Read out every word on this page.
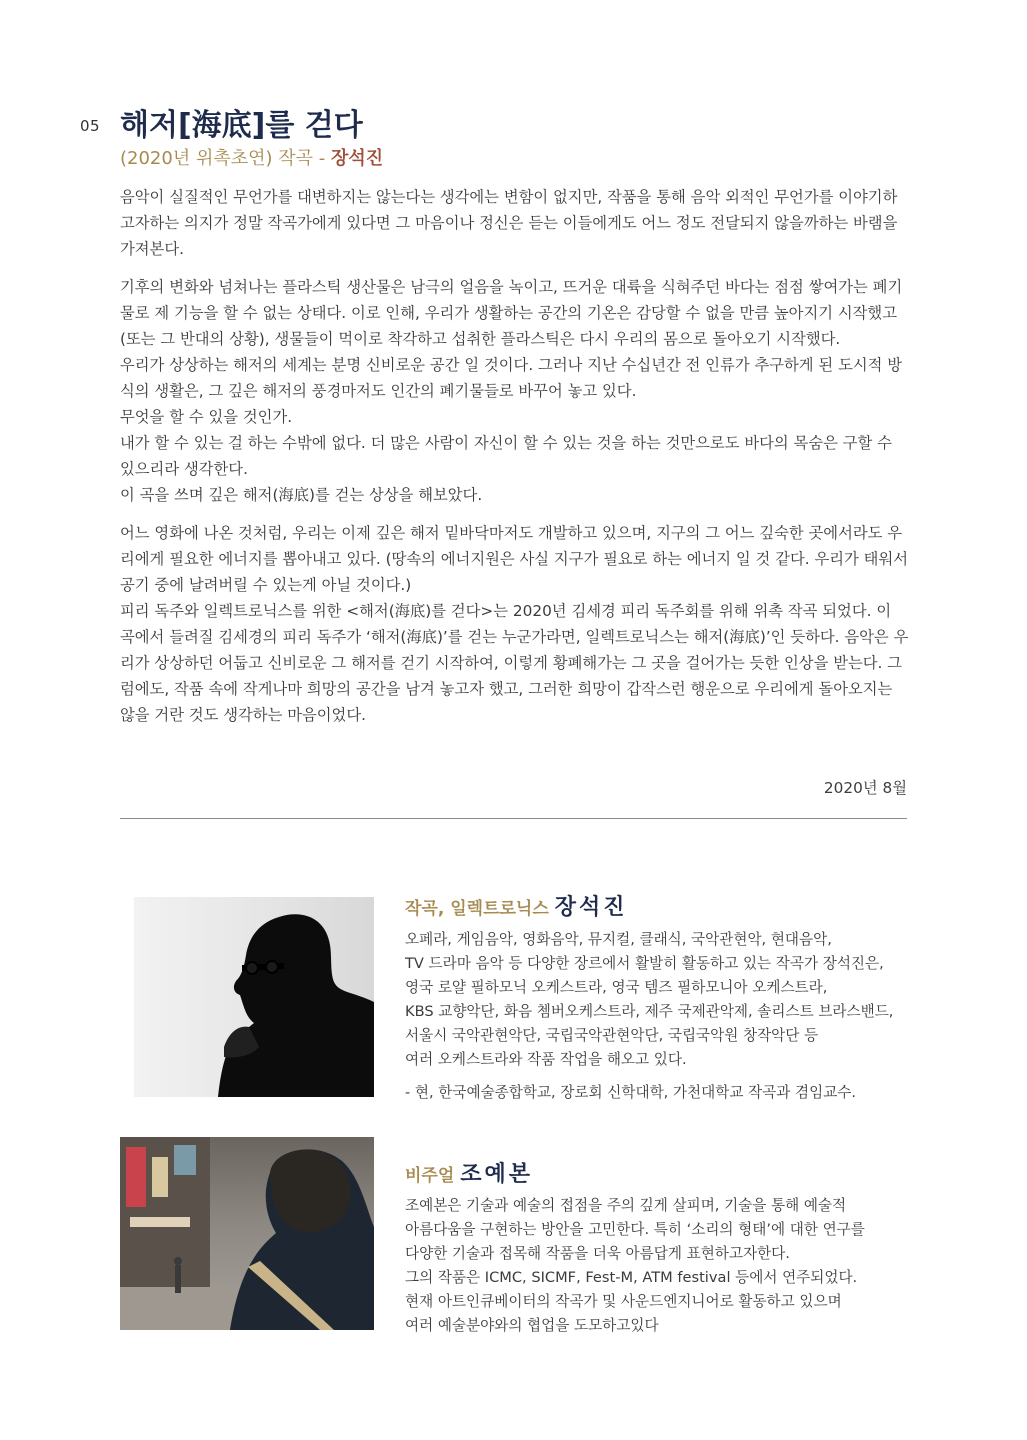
05 해저[海底]를 걷다
(2020년 위촉초연) 작곡 - 장석진

음악이 실질적인 무언가를 대변하지는 않는다는 생각에는 변함이 없지만, 작품을 통해 음악 외적인 무언가를 이야기하고자하는 의지가 정말 작곡가에게 있다면 그 마음이나 정신은 듣는 이들에게도 어느 정도 전달되지 않을까하는 바램을 가져본다.

기후의 변화와 넘쳐나는 플라스틱 생산물은 남극의 얼음을 녹이고, 뜨거운 대륙을 식혀주던 바다는 점점 쌓여가는 폐기물로 제 기능을 할 수 없는 상태다. 이로 인해, 우리가 생활하는 공간의 기온은 감당할 수 없을 만큼 높아지기 시작했고 (또는 그 반대의 상황), 생물들이 먹이로 착각하고 섭취한 플라스틱은 다시 우리의 몸으로 돌아오기 시작했다.
우리가 상상하는 해저의 세계는 분명 신비로운 공간 일 것이다. 그러나 지난 수십년간 전 인류가 추구하게 된 도시적 방식의 생활은, 그 깊은 해저의 풍경마저도 인간의 폐기물들로 바꾸어 놓고 있다.
무엇을 할 수 있을 것인가.
내가 할 수 있는 걸 하는 수밖에 없다. 더 많은 사람이 자신이 할 수 있는 것을 하는 것만으로도 바다의 목숨은 구할 수 있으리라 생각한다.
이 곡을 쓰며 깊은 해저(海底)를 걷는 상상을 해보았다.

어느 영화에 나온 것처럼, 우리는 이제 깊은 해저 밑바닥마저도 개발하고 있으며, 지구의 그 어느 깊숙한 곳에서라도 우리에게 필요한 에너지를 뽑아내고 있다. (땅속의 에너지원은 사실 지구가 필요로 하는 에너지 일 것 같다. 우리가 태워서 공기 중에 날려버릴 수 있는게 아닐 것이다.)
피리 독주와 일렉트로닉스를 위한 <해저(海底)를 걷다>는 2020년 김세경 피리 독주회를 위해 위촉 작곡 되었다. 이 곡에서 들려질 김세경의 피리 독주가 ‘해저(海底)’를 걷는 누군가라면, 일렉트로닉스는 해저(海底)’인 듯하다. 음악은 우리가 상상하던 어둡고 신비로운 그 해저를 걷기 시작하여, 이렇게 황폐해가는 그 곳을 걸어가는 듯한 인상을 받는다. 그럼에도, 작품 속에 작게나마 희망의 공간을 남겨 놓고자 했고, 그러한 희망이 갑작스런 행운으로 우리에게 돌아오지는 않을 거란 것도 생각하는 마음이었다.

2020년 8월
작곡, 일렉트로닉스 장석진

오페라, 게임음악, 영화음악, 뮤지컬, 클래식, 국악관현악, 현대음악,

TV 드라마 음악 등 다양한 장르에서 활발히 활동하고 있는 작곡가 장석진은,

영국 로얄 필하모닉 오케스트라, 영국 템즈 필하모니아 오케스트라,

KBS 교향악단, 화음 쳄버오케스트라, 제주 국제관악제, 솔리스트 브라스밴드,

서울시 국악관현악단, 국립국악관현악단, 국립국악원 창작악단 등

여러 오케스트라와 작품 작업을 해오고 있다.

- 현, 한국예술종합학교, 장로회 신학대학, 가천대학교 작곡과 겸임교수.

비주얼 조예본

조예본은 기술과 예술의 접점을 주의 깊게 살피며, 기술을 통해 예술적

아름다움을 구현하는 방안을 고민한다. 특히 ‘소리의 형태’에 대한 연구를

다양한 기술과 접목해 작품을 더욱 아름답게 표현하고자한다.

그의 작품은 ICMC, SICMF, Fest-M, ATM festival 등에서 연주되었다.

현재 아트인큐베이터의 작곡가 및 사운드엔지니어로 활동하고 있으며

여러 예술분야와의 협업을 도모하고있다
